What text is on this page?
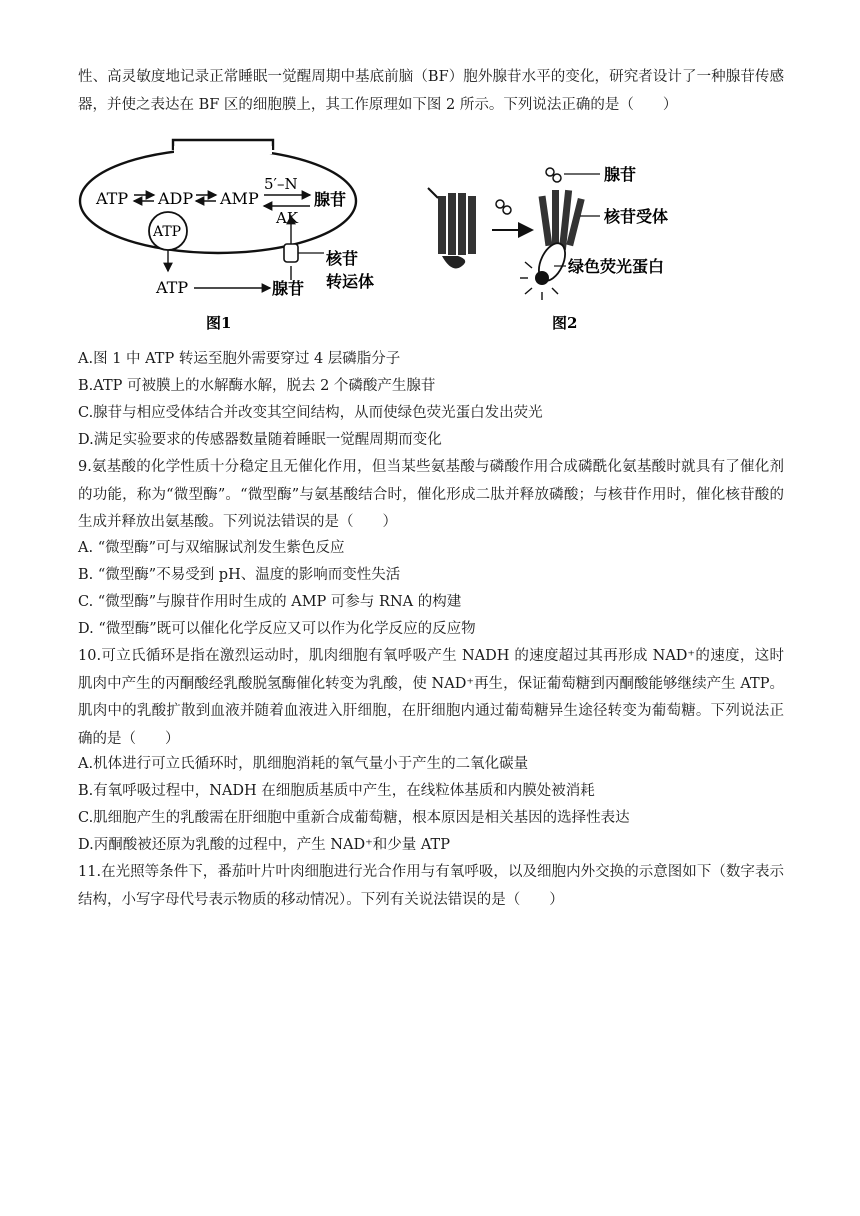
性、高灵敏度地记录正常睡眠一觉醒周期中基底前脑（BF）胞外腺苷水平的变化，研究者设计了一种腺苷传感器，并使之表达在 BF 区的细胞膜上，其工作原理如下图 2 所示。下列说法正确的是（　　）

ATP ADP AMP
5′–N
AK
腺苷
ATP
ATP	腺苷
核苷
转运体
图1
腺苷
核苷受体
绿色荧光蛋白
图2

A.图 1 中 ATP 转运至胞外需要穿过 4 层磷脂分子

B.ATP 可被膜上的水解酶水解，脱去 2 个磷酸产生腺苷

C.腺苷与相应受体结合并改变其空间结构，从而使绿色荧光蛋白发出荧光

D.满足实验要求的传感器数量随着睡眠一觉醒周期而变化

9.氨基酸的化学性质十分稳定且无催化作用，但当某些氨基酸与磷酸作用合成磷酰化氨基酸时就具有了催化剂的功能，称为“微型酶”。“微型酶”与氨基酸结合时，催化形成二肽并释放磷酸；与核苷作用时，催化核苷酸的生成并释放出氨基酸。下列说法错误的是（　　）

A. “微型酶”可与双缩脲试剂发生紫色反应

B. “微型酶”不易受到 pH、温度的影响而变性失活

C. “微型酶”与腺苷作用时生成的 AMP 可参与 RNA 的构建

D. “微型酶”既可以催化化学反应又可以作为化学反应的反应物

10.可立氏循环是指在激烈运动时，肌肉细胞有氧呼吸产生 NADH 的速度超过其再形成 NAD⁺的速度，这时肌肉中产生的丙酮酸经乳酸脱氢酶催化转变为乳酸，使 NAD⁺再生，保证葡萄糖到丙酮酸能够继续产生 ATP。肌肉中的乳酸扩散到血液并随着血液进入肝细胞，在肝细胞内通过葡萄糖异生途径转变为葡萄糖。下列说法正确的是（　　）

A.机体进行可立氏循环时，肌细胞消耗的氧气量小于产生的二氧化碳量

B.有氧呼吸过程中，NADH 在细胞质基质中产生，在线粒体基质和内膜处被消耗

C.肌细胞产生的乳酸需在肝细胞中重新合成葡萄糖，根本原因是相关基因的选择性表达

D.丙酮酸被还原为乳酸的过程中，产生 NAD⁺和少量 ATP

11.在光照等条件下，番茄叶片叶肉细胞进行光合作用与有氧呼吸，以及细胞内外交换的示意图如下（数字表示结构，小写字母代号表示物质的移动情况）。下列有关说法错误的是（　　）
